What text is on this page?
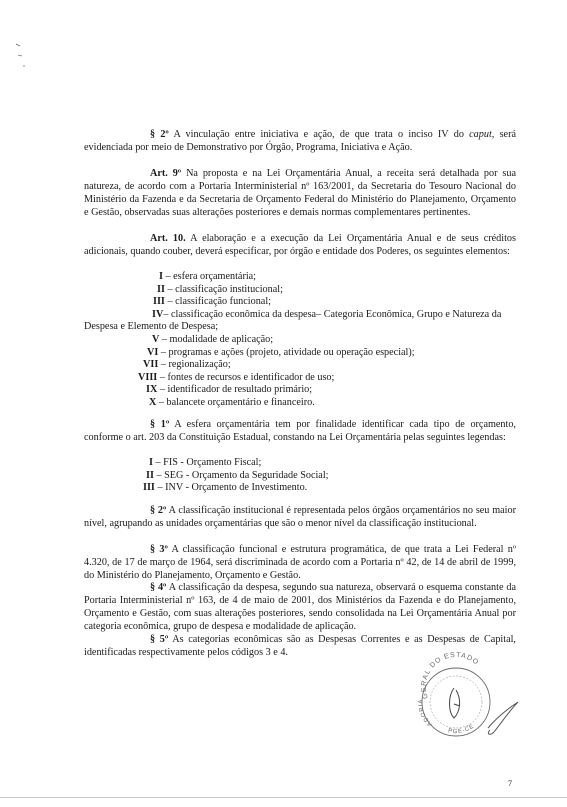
§ 2º A vinculação entre iniciativa e ação, de que trata o inciso IV do caput, será evidenciada por meio de Demonstrativo por Órgão, Programa, Iniciativa e Ação.

Art. 9º Na proposta e na Lei Orçamentária Anual, a receita será detalhada por sua natureza, de acordo com a Portaria Interministerial nº 163/2001, da Secretaria do Tesouro Nacional do Ministério da Fazenda e da Secretaria de Orçamento Federal do Ministério do Planejamento, Orçamento e Gestão, observadas suas alterações posteriores e demais normas complementares pertinentes.

Art. 10. A elaboração e a execução da Lei Orçamentária Anual e de seus créditos adicionais, quando couber, deverá especificar, por órgão e entidade dos Poderes, os seguintes elementos:

I – esfera orçamentária;

II – classificação institucional;

III – classificação funcional;

IV– classificação econômica da despesa– Categoria Econômica, Grupo e Natureza da

Despesa e Elemento de Despesa;

V – modalidade de aplicação;

VI – programas e ações (projeto, atividade ou operação especial);

VII – regionalização;

VIII – fontes de recursos e identificador de uso;

IX – identificador de resultado primário;

X – balancete orçamentário e financeiro.

§ 1º A esfera orçamentária tem por finalidade identificar cada tipo de orçamento, conforme o art. 203 da Constituição Estadual, constando na Lei Orçamentária pelas seguintes legendas:

I – FIS - Orçamento Fiscal;

II – SEG - Orçamento da Seguridade Social;

III – INV - Orçamento de Investimento.

§ 2º A classificação institucional é representada pelos órgãos orçamentários no seu maior nível, agrupando as unidades orçamentárias que são o menor nível da classificação institucional.

§ 3º A classificação funcional e estrutura programática, de que trata a Lei Federal nº 4.320, de 17 de março de 1964, será discriminada de acordo com a Portaria nº 42, de 14 de abril de 1999, do Ministério do Planejamento, Orçamento e Gestão.

§ 4º A classificação da despesa, segundo sua natureza, observará o esquema constante da Portaria Interministerial nº 163, de 4 de maio de 2001, dos Ministérios da Fazenda e do Planejamento, Orçamento e Gestão, com suas alterações posteriores, sendo consolidada na Lei Orçamentária Anual por categoria econômica, grupo de despesa e modalidade de aplicação.

§ 5º As categorias econômicas são as Despesas Correntes e as Despesas de Capital, identificadas respectivamente pelos códigos 3 e 4.

GERAL DO ESTADO
ADORIA
PGE-CE
7
